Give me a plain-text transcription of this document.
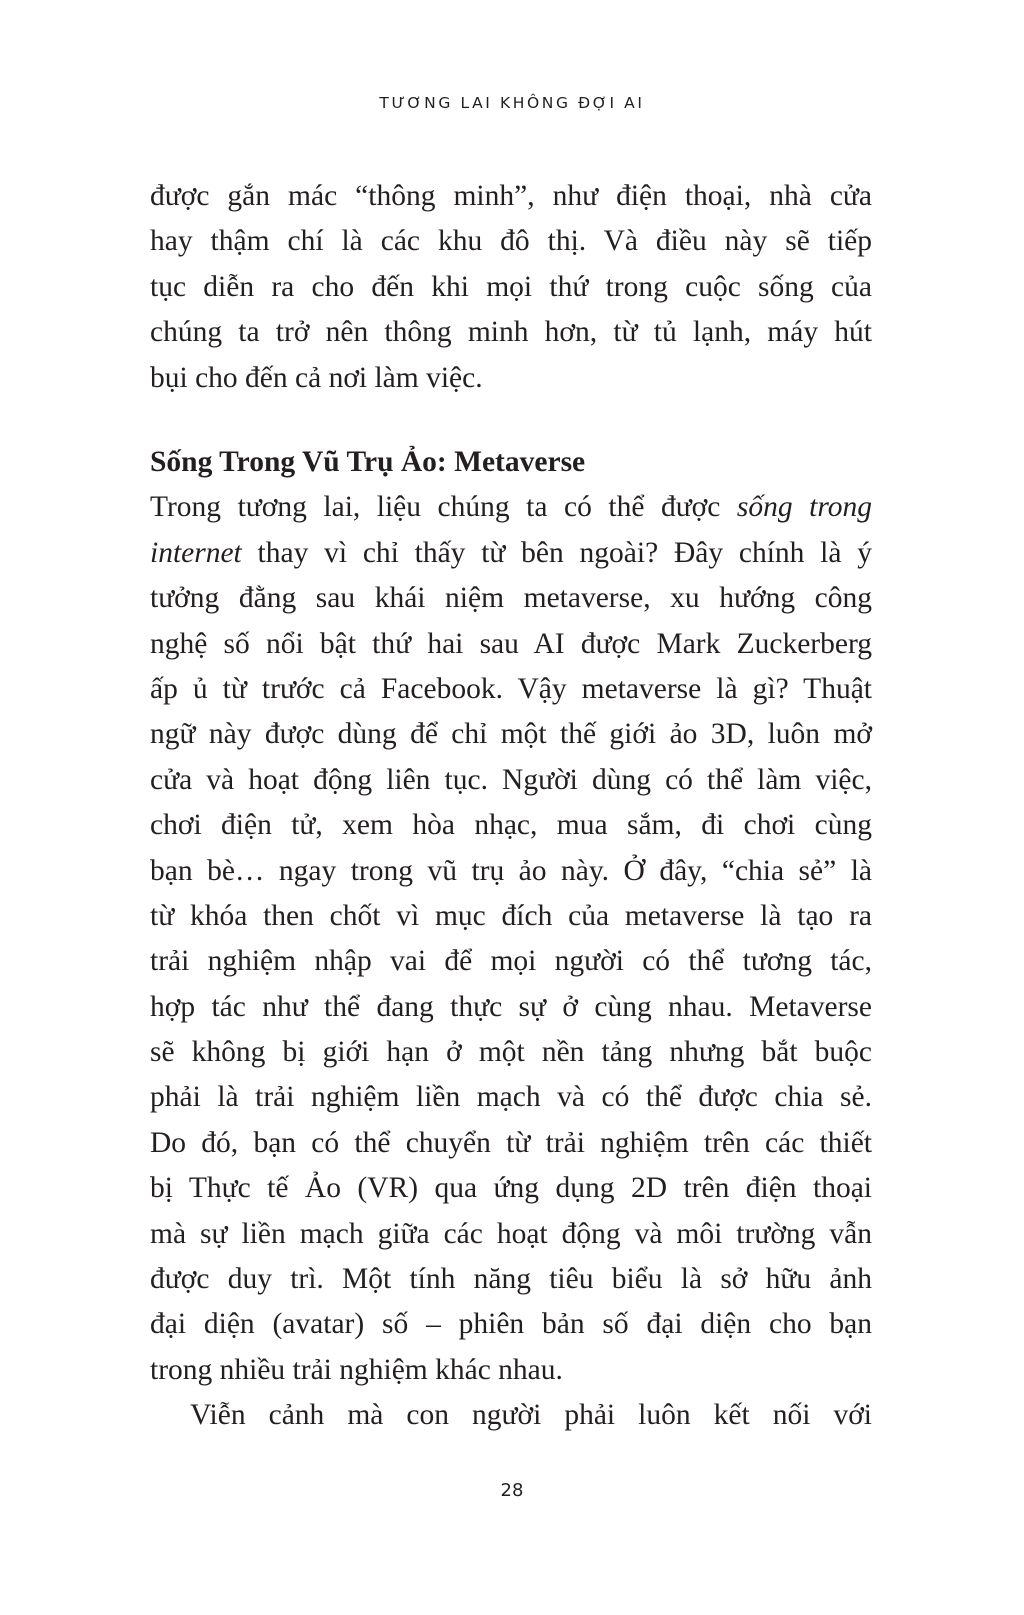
TƯƠNG LAI KHÔNG ĐỢI AI
được gắn mác “thông minh”, như điện thoại, nhà cửa
hay thậm chí là các khu đô thị. Và điều này sẽ tiếp
tục diễn ra cho đến khi mọi thứ trong cuộc sống của
chúng ta trở nên thông minh hơn, từ tủ lạnh, máy hút
bụi cho đến cả nơi làm việc.
Sống Trong Vũ Trụ Ảo: Metaverse
Trong tương lai, liệu chúng ta có thể được sống trong
internet thay vì chỉ thấy từ bên ngoài? Đây chính là ý
tưởng đằng sau khái niệm metaverse, xu hướng công
nghệ số nổi bật thứ hai sau AI được Mark Zuckerberg
ấp ủ từ trước cả Facebook. Vậy metaverse là gì? Thuật
ngữ này được dùng để chỉ một thế giới ảo 3D, luôn mở
cửa và hoạt động liên tục. Người dùng có thể làm việc,
chơi điện tử, xem hòa nhạc, mua sắm, đi chơi cùng
bạn bè… ngay trong vũ trụ ảo này. Ở đây, “chia sẻ” là
từ khóa then chốt vì mục đích của metaverse là tạo ra
trải nghiệm nhập vai để mọi người có thể tương tác,
hợp tác như thể đang thực sự ở cùng nhau. Metaverse
sẽ không bị giới hạn ở một nền tảng nhưng bắt buộc
phải là trải nghiệm liền mạch và có thể được chia sẻ.
Do đó, bạn có thể chuyển từ trải nghiệm trên các thiết
bị Thực tế Ảo (VR) qua ứng dụng 2D trên điện thoại
mà sự liền mạch giữa các hoạt động và môi trường vẫn
được duy trì. Một tính năng tiêu biểu là sở hữu ảnh
đại diện (avatar) số – phiên bản số đại diện cho bạn
trong nhiều trải nghiệm khác nhau.
Viễn cảnh mà con người phải luôn kết nối với
28
